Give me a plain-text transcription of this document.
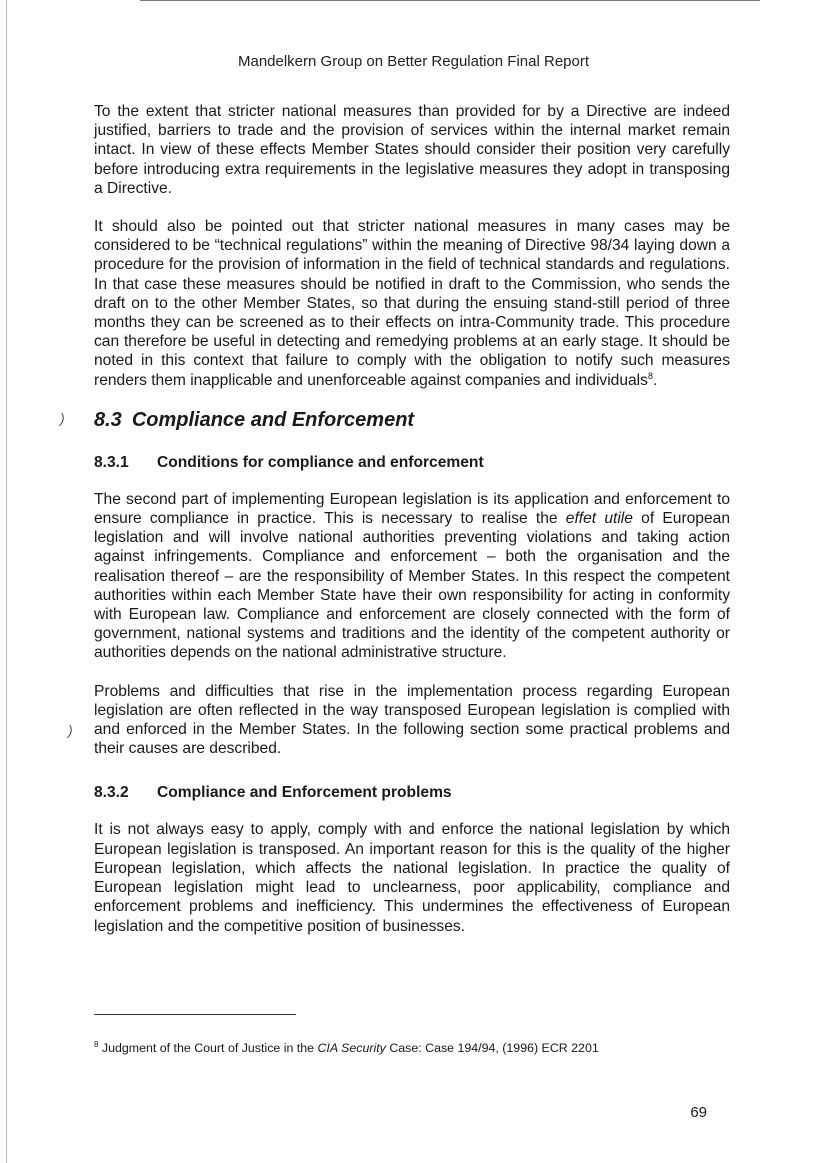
Mandelkern Group on Better Regulation Final Report
)
)

To the extent that stricter national measures than provided for by a Directive are indeed justified, barriers to trade and the provision of services within the internal market remain intact. In view of these effects Member States should consider their position very carefully before introducing extra requirements in the legislative measures they adopt in transposing a Directive.

It should also be pointed out that stricter national measures in many cases may be considered to be “technical regulations” within the meaning of Directive 98/34 laying down a procedure for the provision of information in the field of technical standards and regulations. In that case these measures should be notified in draft to the Commission, who sends the draft on to the other Member States, so that during the ensuing stand-still period of three months they can be screened as to their effects on intra-Community trade. This procedure can therefore be useful in detecting and remedying problems at an early stage. It should be noted in this context that failure to comply with the obligation to notify such measures renders them inapplicable and unenforceable against companies and individuals$^8$.

8.3 Compliance and Enforcement
8.3.1 Conditions for compliance and enforcement

The second part of implementing European legislation is its application and enforcement to ensure compliance in practice. This is necessary to realise the effet utile of European legislation and will involve national authorities preventing violations and taking action against infringements. Compliance and enforcement – both the organisation and the realisation thereof – are the responsibility of Member States. In this respect the competent authorities within each Member State have their own responsibility for acting in conformity with European law. Compliance and enforcement are closely connected with the form of government, national systems and traditions and the identity of the competent authority or authorities depends on the national administrative structure.

Problems and difficulties that rise in the implementation process regarding European legislation are often reflected in the way transposed European legislation is complied with and enforced in the Member States. In the following section some practical problems and their causes are described.

8.3.2 Compliance and Enforcement problems

It is not always easy to apply, comply with and enforce the national legislation by which European legislation is transposed. An important reason for this is the quality of the higher European legislation, which affects the national legislation. In practice the quality of European legislation might lead to unclearness, poor applicability, compliance and enforcement problems and inefficiency. This undermines the effectiveness of European legislation and the competitive position of businesses.

$^8$ Judgment of the Court of Justice in the CIA Security Case: Case 194/94, (1996) ECR 2201
69
